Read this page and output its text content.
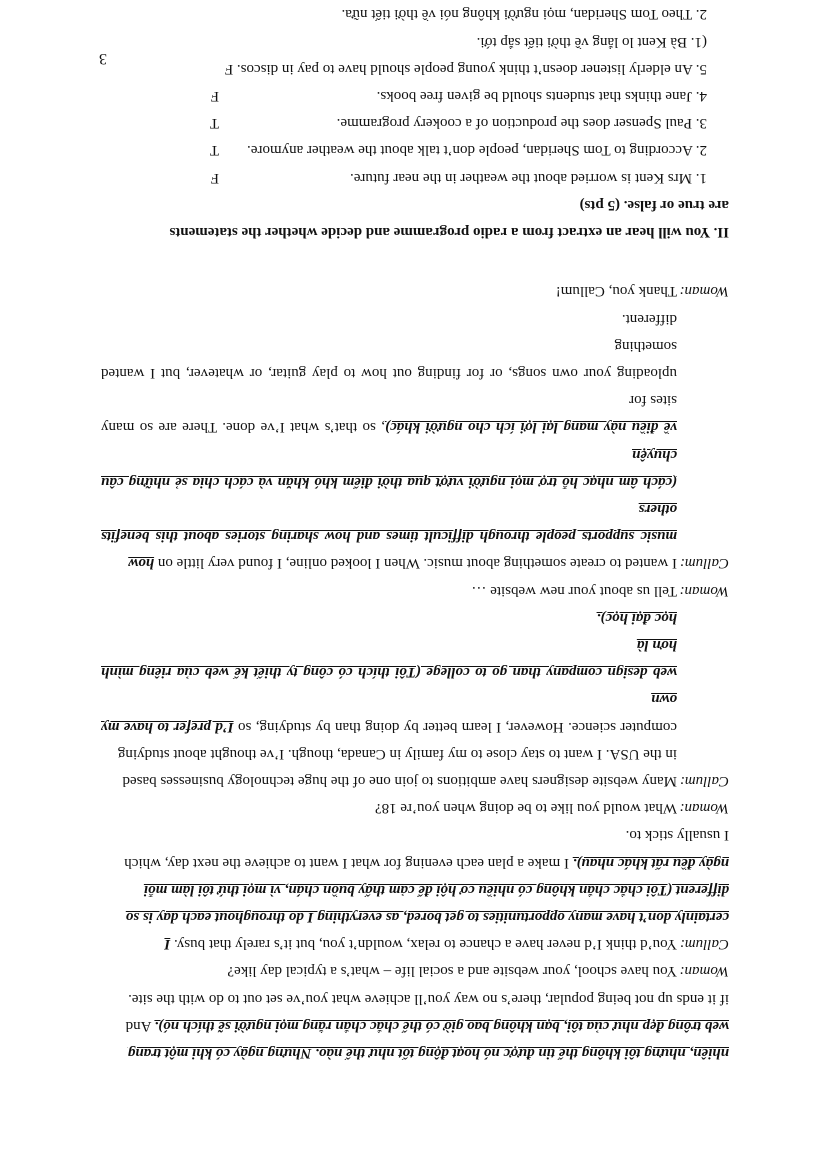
nhiên, nhưng tôi không thể tin được nó hoạt động tốt như thế nào. Nhưng ngày có khi một trang

web trông đẹp như của tôi, bạn không bao giờ có thể chắc chắn rằng mọi người sẽ thích nó). And

if it ends up not being popular, there’s no way you’ll achieve what you’ve set out to do with the site.

Woman:You have school, your website and a social life – what’s a typical day like?

Callum:You’d think I’d never have a chance to relax, wouldn’t you, but it’s rarely that busy. I

certainly don’t have many opportunities to get bored, as everything I do throughout each day is so

different (Tôi chắc chắn không có nhiều cơ hội để cảm thấy buồn chán, vì mọi thứ tôi làm mỗi

ngày đều rất khác nhau). I make a plan each evening for what I want to achieve the next day, which

I usually stick to.

Woman:What would you like to be doing when you’re 18?

Callum:Many website designers have ambitions to join one of the huge technology businesses based

in the USA. I want to stay close to my family in Canada, though. I’ve thought about studying

computer science. However, I learn better by doing than by studying, so I’d prefer to have my own

web design company than go to college (Tôi thích có công ty thiết kế web của riêng mình hơn là

học đại học).

Woman:Tell us about your new website …

Callum:I wanted to create something about music. When I looked online, I found very little on how

music supports people through difficult times and how sharing stories about this benefits others

(cách âm nhạc hỗ trợ mọi người vượt qua thời điểm khó khăn và cách chia sẻ những câu chuyện

về điều này mang lại lợi ích cho người khác), so that’s what I’ve done. There are so many sites for

uploading your own songs, or for finding out how to play guitar, or whatever, but I wanted something

different.

Woman:Thank you, Callum!

II. You will hear an extract from a radio programme and decide whether the statements

are true or false. (5 pts)

1. Mrs Kent is worried about the weather in the near future.
F
2. According to Tom Sheridan, people don’t talk about the weather anymore.
T
3. Paul Spenser does the production of a cookery programme.
T
4. Jane thinks that students should be given free books.
F
5. An elderly listener doesn’t think young people should have to pay in discos. F

(1. Bà Kent lo lắng về thời tiết sắp tới.

2. Theo Tom Sheridan, mọi người không nói về thời tiết nữa.

3
